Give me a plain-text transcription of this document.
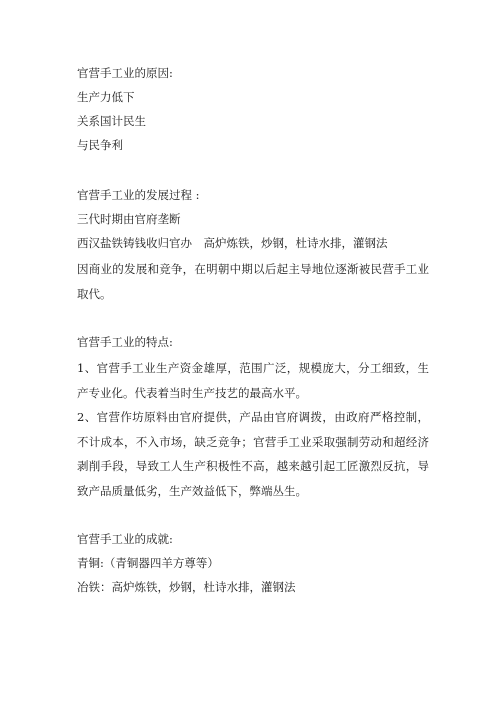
官营手工业的原因:

生产力低下

关系国计民生

与民争利

官营手工业的发展过程 :

三代时期由官府垄断

西汉盐铁铸钱收归官办　高炉炼铁，炒钢，杜诗水排，灌钢法

因商业的发展和竞争，在明朝中期以后起主导地位逐渐被民营手工业取代。

官营手工业的特点:

1、官营手工业生产资金雄厚，范围广泛，规模庞大，分工细致，生产专业化。代表着当时生产技艺的最高水平。

2、官营作坊原料由官府提供，产品由官府调拨，由政府严格控制，不计成本，不入市场，缺乏竞争；官营手工业采取强制劳动和超经济剥削手段，导致工人生产积极性不高，越来越引起工匠激烈反抗，导致产品质量低劣，生产效益低下，弊端丛生。

官营手工业的成就:

青铜:（青铜器四羊方尊等）

冶铁：高炉炼铁，炒钢，杜诗水排，灌钢法
